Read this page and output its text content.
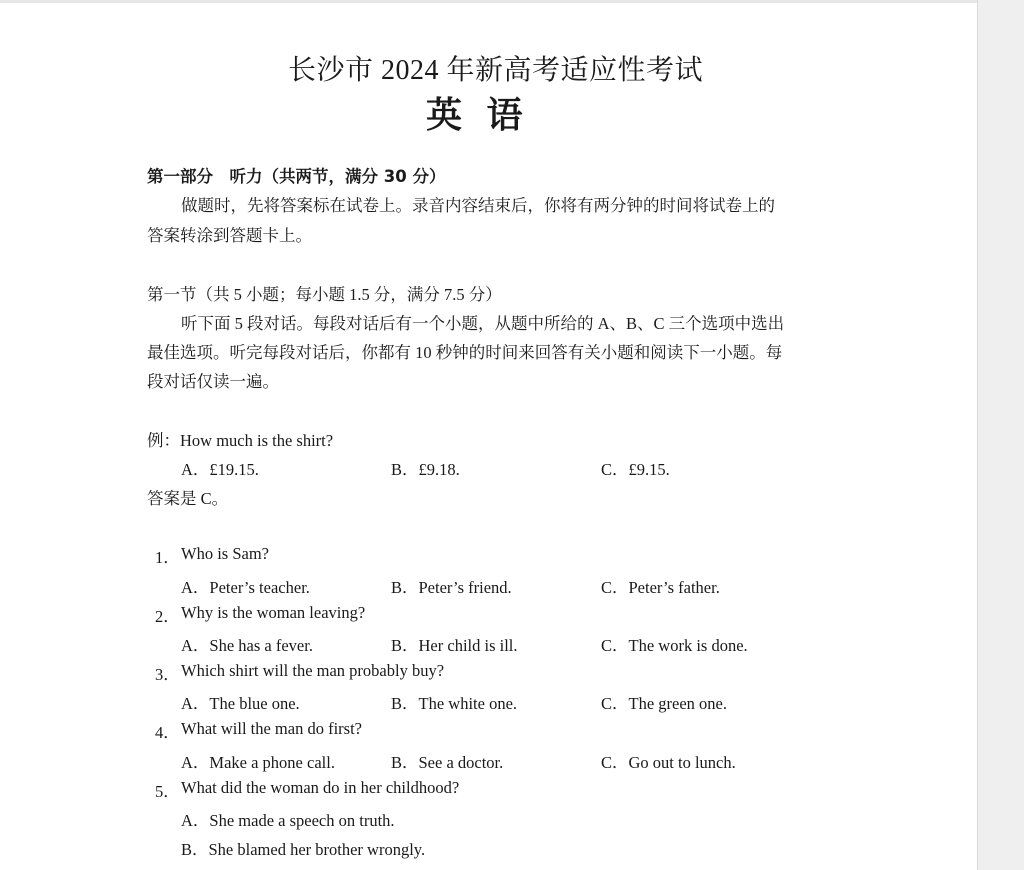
长沙市 2024 年新高考适应性考试
英 语
第一部分　听力（共两节，满分 30 分）
做题时，先将答案标在试卷上。录音内容结束后，你将有两分钟的时间将试卷上的
答案转涂到答题卡上。
第一节（共 5 小题；每小题 1.5 分，满分 7.5 分）
听下面 5 段对话。每段对话后有一个小题，从题中所给的 A、B、C 三个选项中选出
最佳选项。听完每段对话后，你都有 10 秒钟的时间来回答有关小题和阅读下一小题。每
段对话仅读一遍。
例：How much is the shirt?
A．£19.15.	B．£9.18.	C．£9.15.
答案是 C。
1． Who is Sam?
A．Peter’s teacher.	B．Peter’s friend.	C．Peter’s father.
2． Why is the woman leaving?
A．She has a fever.	B．Her child is ill.	C．The work is done.
3． Which shirt will the man probably buy?
A．The blue one.	B．The white one.	C．The green one.
4． What will the man do first?
A．Make a phone call.	B．See a doctor.	C．Go out to lunch.
5． What did the woman do in her childhood?
A．She made a speech on truth.
B．She blamed her brother wrongly.
